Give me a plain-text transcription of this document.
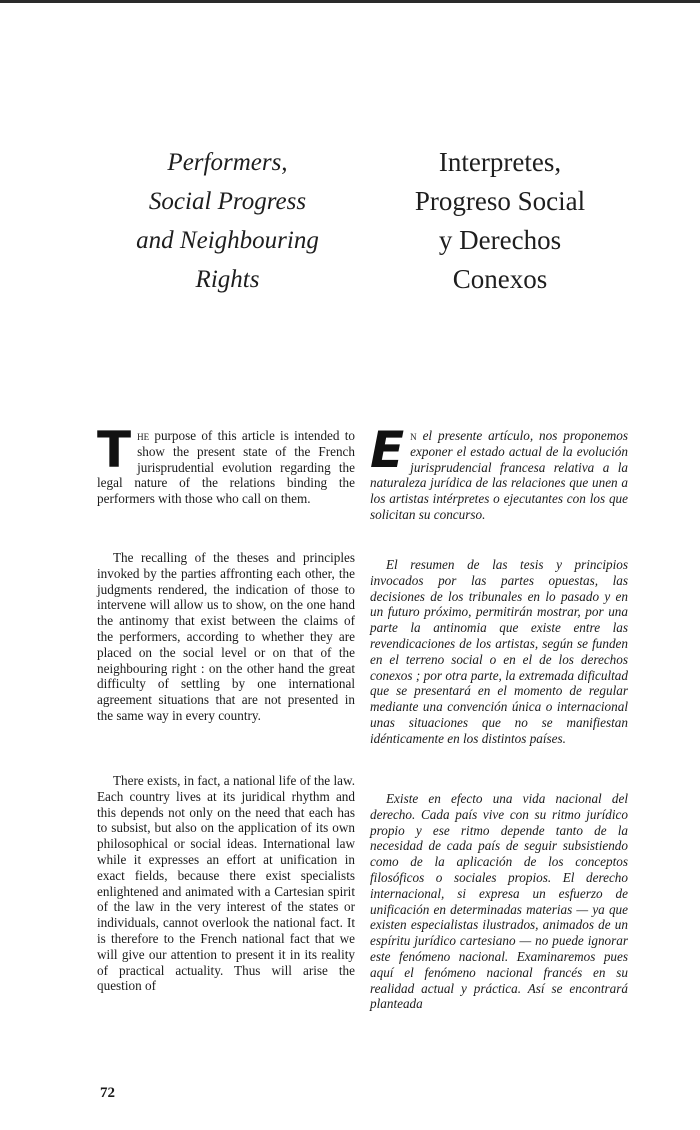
Performers,
Social Progress
and Neighbouring
Rights
Interpretes,
Progreso Social
y Derechos
Conexos

The purpose of this article is intended to show the present state of the French jurisprudential evolution regarding the legal nature of the relations binding the performers with those who call on them.

The recalling of the theses and principles invoked by the parties affronting each other, the judgments rendered, the indication of those to intervene will allow us to show, on the one hand the antinomy that exist between the claims of the performers, according to whether they are placed on the social level or on that of the neighbouring right : on the other hand the great difficulty of settling by one international agreement situations that are not presented in the same way in every country.

There exists, in fact, a national life of the law. Each country lives at its juridical rhythm and this depends not only on the need that each has to subsist, but also on the application of its own philosophical or social ideas. International law while it expresses an effort at unification in exact fields, because there exist specialists enlightened and animated with a Cartesian spirit of the law in the very interest of the states or individuals, cannot overlook the national fact. It is therefore to the French national fact that we will give our attention to present it in its reality of practical actuality. Thus will arise the question of

En el presente artículo, nos proponemos exponer el estado actual de la evolución jurisprudencial francesa relativa a la naturaleza jurídica de las relaciones que unen a los artistas intérpretes o ejecutantes con los que solicitan su concurso.

El resumen de las tesis y principios invocados por las partes opuestas, las decisiones de los tribunales en lo pasado y en un futuro próximo, permitirán mostrar, por una parte la antinomia que existe entre las revendicaciones de los artistas, según se funden en el terreno social o en el de los derechos conexos ; por otra parte, la extremada dificultad que se presentará en el momento de regular mediante una convención única o internacional unas situaciones que no se manifiestan idénticamente en los distintos países.

Existe en efecto una vida nacional del derecho. Cada país vive con su ritmo jurídico propio y ese ritmo depende tanto de la necesidad de cada país de seguir subsistiendo como de la aplicación de los conceptos filosóficos o sociales propios. El derecho internacional, si expresa un esfuerzo de unificación en determinadas materias — ya que existen especialistas ilustrados, animados de un espíritu jurídico cartesiano — no puede ignorar este fenómeno nacional. Examinaremos pues aquí el fenómeno nacional francés en su realidad actual y práctica. Así se encontrará planteada

72
